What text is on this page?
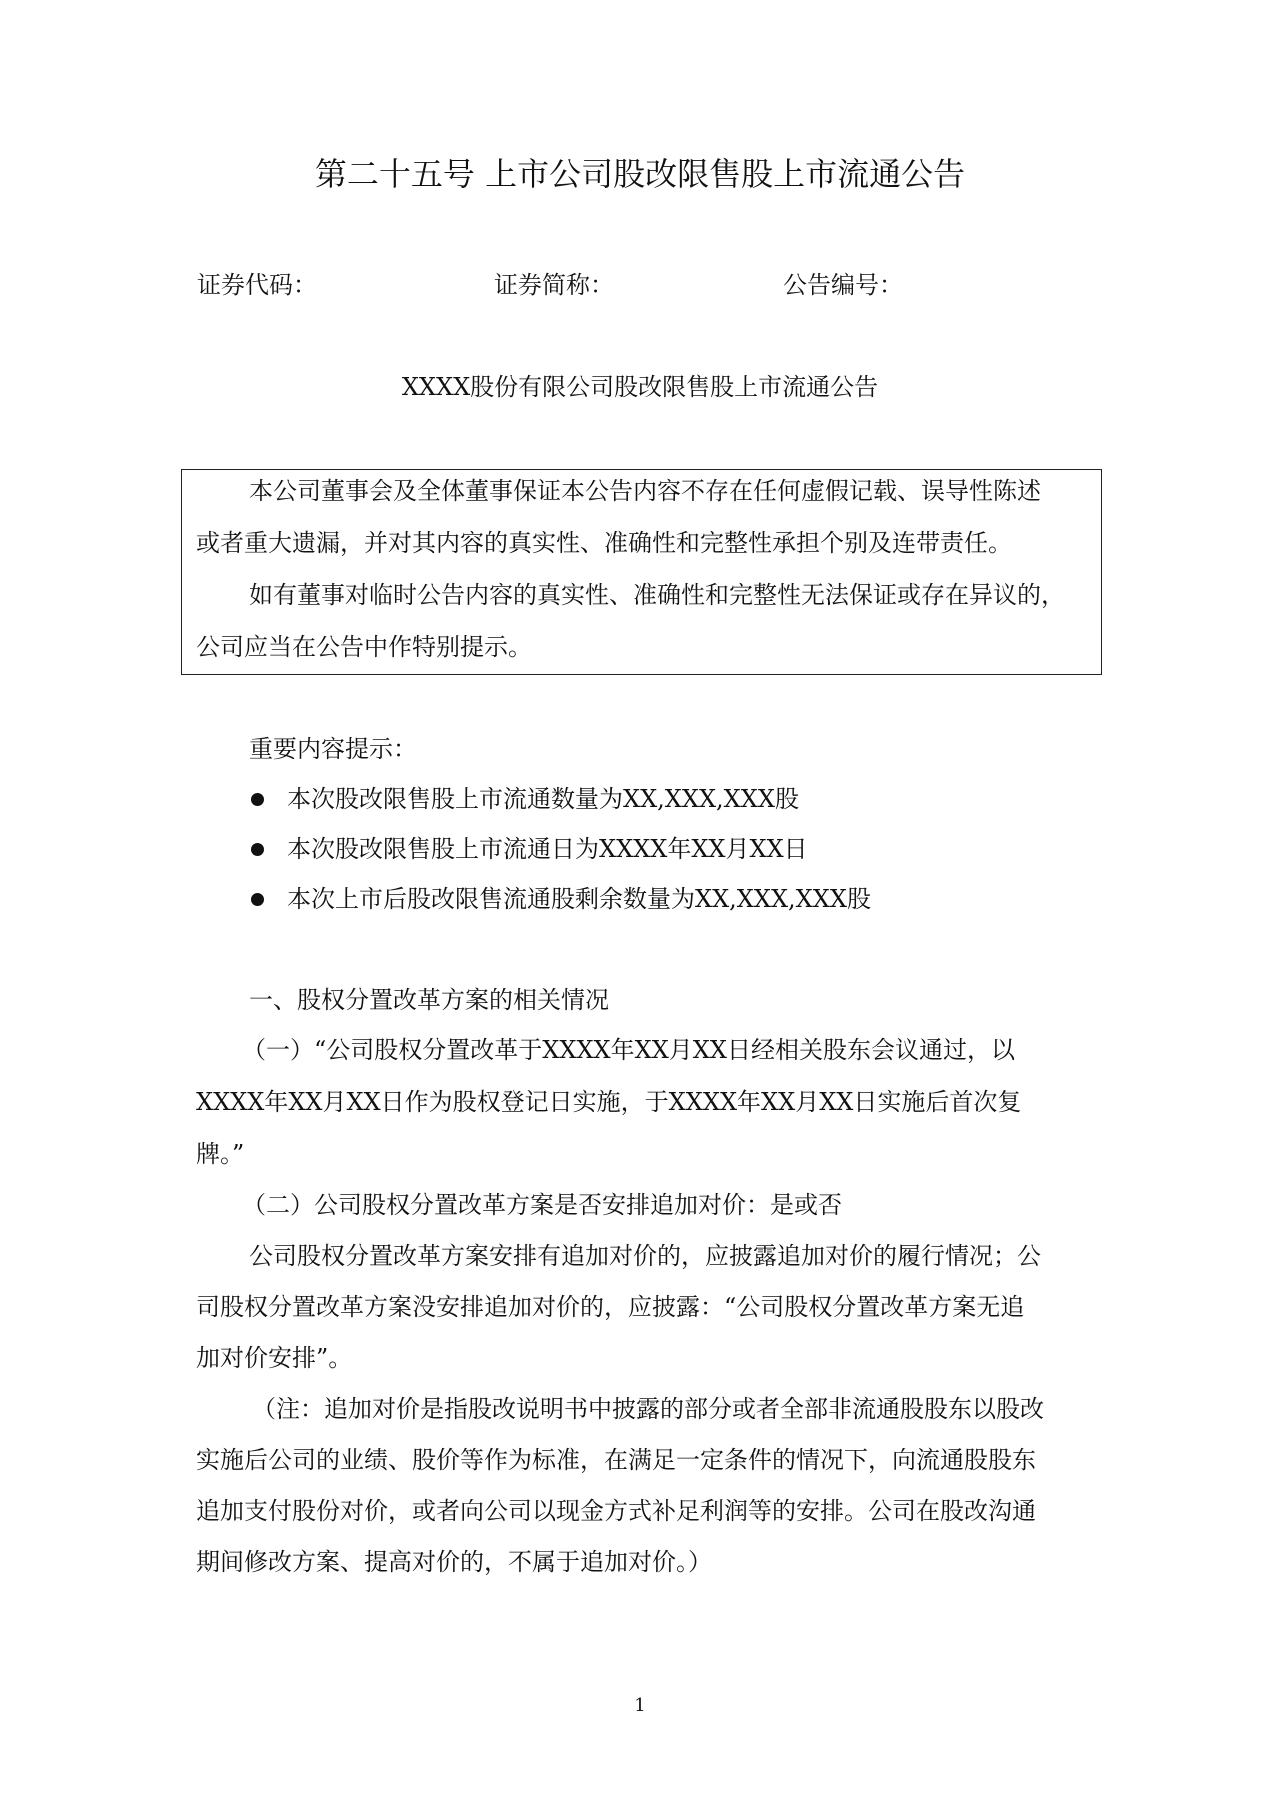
第二十五号 上市公司股改限售股上市流通公告
证券代码：	证券简称：	公告编号：
XXXX股份有限公司股改限售股上市流通公告
本公司董事会及全体董事保证本公告内容不存在任何虚假记载、误导性陈述
或者重大遗漏，并对其内容的真实性、准确性和完整性承担个别及连带责任。
如有董事对临时公告内容的真实性、准确性和完整性无法保证或存在异议的，
公司应当在公告中作特别提示。
重要内容提示：
本次股改限售股上市流通数量为XX,XXX,XXX股
本次股改限售股上市流通日为XXXX年XX月XX日
本次上市后股改限售流通股剩余数量为XX,XXX,XXX股
一、股权分置改革方案的相关情况
（一）“公司股权分置改革于XXXX年XX月XX日经相关股东会议通过，以
XXXX年XX月XX日作为股权登记日实施，于XXXX年XX月XX日实施后首次复
牌。”
（二）公司股权分置改革方案是否安排追加对价：是或否
公司股权分置改革方案安排有追加对价的，应披露追加对价的履行情况；公
司股权分置改革方案没安排追加对价的，应披露：“公司股权分置改革方案无追
加对价安排”。
（注：追加对价是指股改说明书中披露的部分或者全部非流通股股东以股改
实施后公司的业绩、股价等作为标准，在满足一定条件的情况下，向流通股股东
追加支付股份对价，或者向公司以现金方式补足利润等的安排。公司在股改沟通
期间修改方案、提高对价的，不属于追加对价。）
1
